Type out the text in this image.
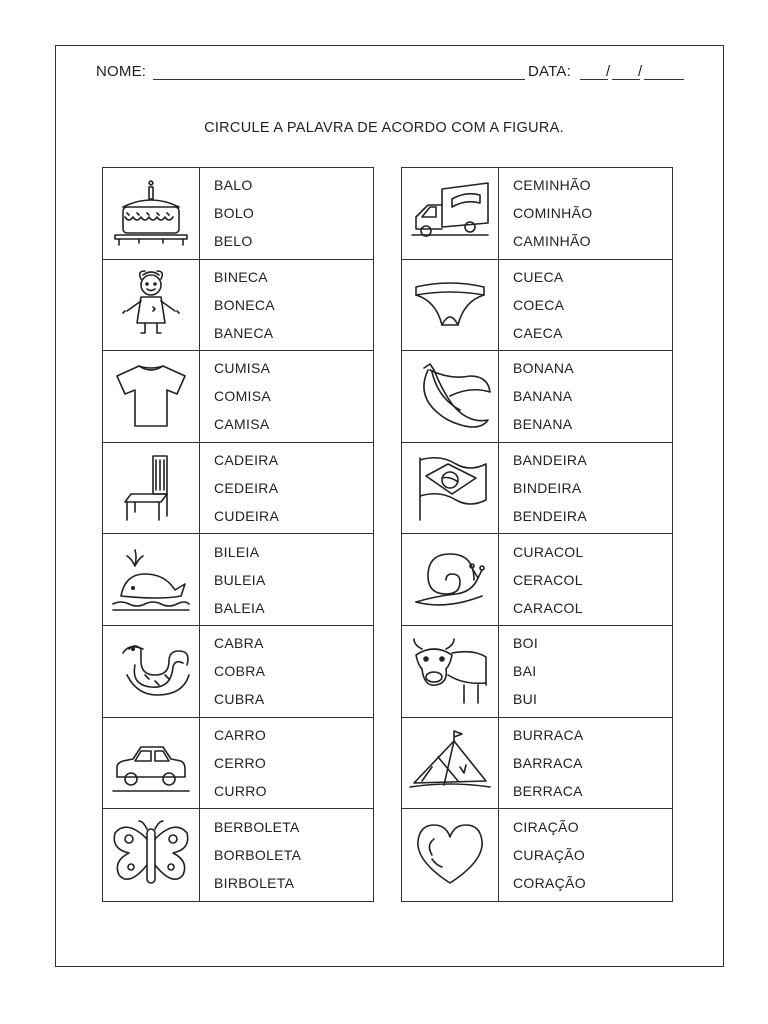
NOME:	DATA: / /
CIRCULE A PALAVRA DE ACORDO COM A FIGURA.
BALO
BOLO
BELO
BINECA
BONECA
BANECA
CUMISA
COMISA
CAMISA
CADEIRA
CEDEIRA
CUDEIRA
BILEIA
BULEIA
BALEIA
CABRA
COBRA
CUBRA
CARRO
CERRO
CURRO
BERBOLETA
BORBOLETA
BIRBOLETA
CEMINHÃO
COMINHÃO
CAMINHÃO
CUECA
COECA
CAECA
BONANA
BANANA
BENANA
BANDEIRA
BINDEIRA
BENDEIRA
CURACOL
CERACOL
CARACOL
BOI
BAI
BUI
BURRACA
BARRACA
BERRACA
CIRAÇÃO
CURAÇÃO
CORAÇÃO
